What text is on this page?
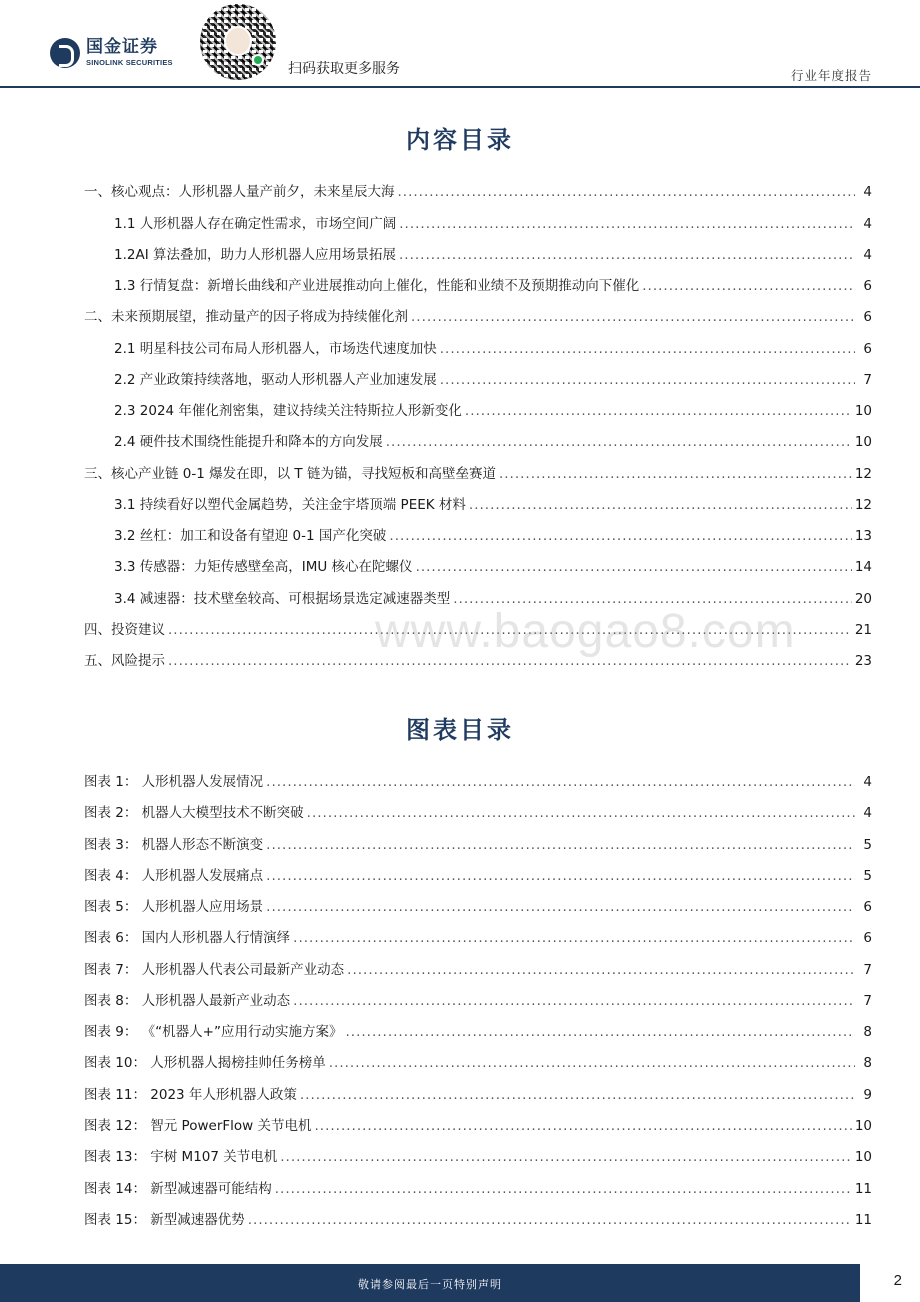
国金证券
SINOLINK SECURITIES	扫码获取更多服务	行业年度报告
内容目录
一、核心观点：人形机器人量产前夕，未来星辰大海 .....	4
1.1 人形机器人存在确定性需求，市场空间广阔 .....	4
1.2AI 算法叠加，助力人形机器人应用场景拓展 .....	4
1.3 行情复盘：新增长曲线和产业进展推动向上催化，性能和业绩不及预期推动向下催化 .....	6
二、未来预期展望，推动量产的因子将成为持续催化剂 .....	6
2.1 明星科技公司布局人形机器人，市场迭代速度加快 .....	6
2.2 产业政策持续落地，驱动人形机器人产业加速发展 .....	7
2.3 2024 年催化剂密集，建议持续关注特斯拉人形新变化 .....	10
2.4 硬件技术围绕性能提升和降本的方向发展 .....	10
三、核心产业链 0-1 爆发在即，以 T 链为锚，寻找短板和高壁垒赛道 .....	12
3.1 持续看好以塑代金属趋势，关注金宇塔顶端 PEEK 材料 .....	12
3.2 丝杠：加工和设备有望迎 0-1 国产化突破 .....	13
3.3 传感器：力矩传感壁垒高，IMU 核心在陀螺仪 .....	14
3.4 减速器：技术壁垒较高、可根据场景选定减速器类型 .....	20
四、投资建议 .....	21
五、风险提示 .....	23
www.baogao8.com
图表目录
图表 1： 人形机器人发展情况 .....	4
图表 2： 机器人大模型技术不断突破 .....	4
图表 3： 机器人形态不断演变 .....	5
图表 4： 人形机器人发展痛点 .....	5
图表 5： 人形机器人应用场景 .....	6
图表 6： 国内人形机器人行情演绎 .....	6
图表 7： 人形机器人代表公司最新产业动态 .....	7
图表 8： 人形机器人最新产业动态 .....	7
图表 9： 《“机器人+”应用行动实施方案》 .....	8
图表 10： 人形机器人揭榜挂帅任务榜单 .....	8
图表 11： 2023 年人形机器人政策 .....	9
图表 12： 智元 PowerFlow 关节电机 .....	10
图表 13： 宇树 M107 关节电机 .....	10
图表 14： 新型减速器可能结构 .....	11
图表 15： 新型减速器优势 .....	11
敬请参阅最后一页特别声明	2
